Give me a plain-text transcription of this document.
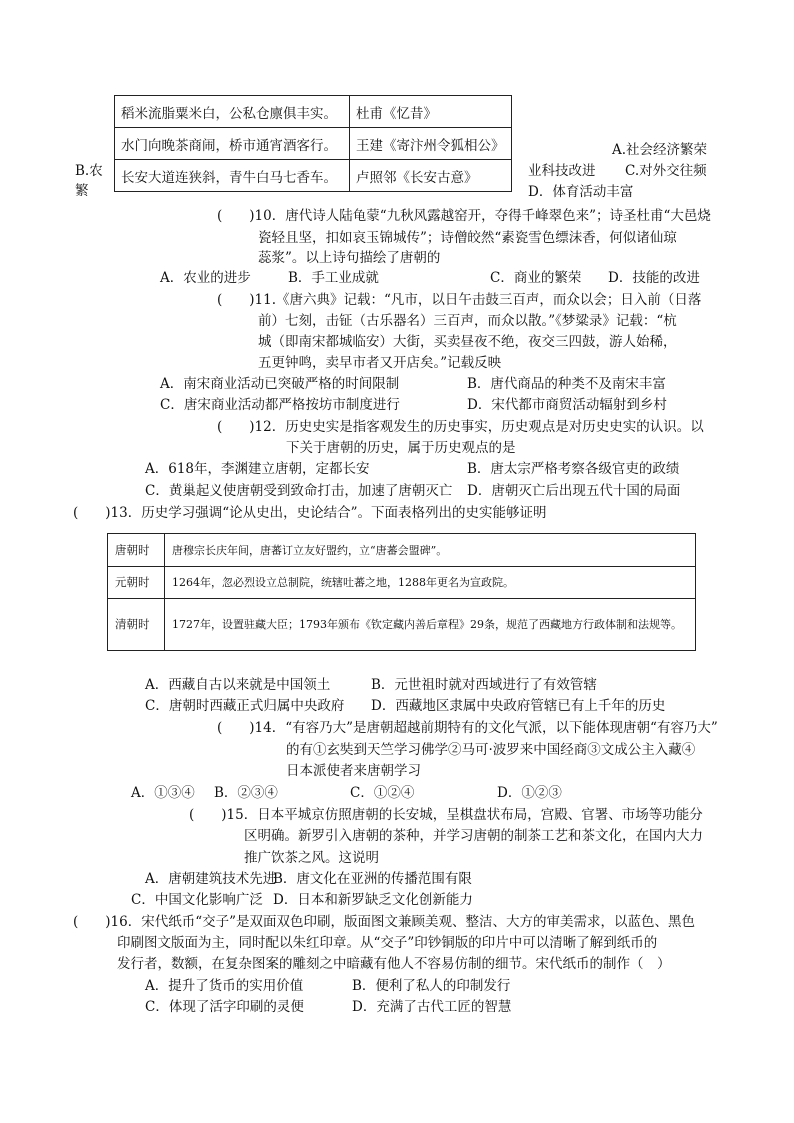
稻米流脂粟米白，公私仓廪俱丰实。	杜甫《忆昔》
水门向晚茶商闹，桥市通宵酒客行。	王建《寄汴州令狐相公》
长安大道连狭斜，青牛白马七香车。	卢照邻《长安古意》
A.社会经济繁荣
B.农
繁
业科技改进 C.对外交往频
D．体育活动丰富
(　　)10．唐代诗人陆龟蒙“九秋风露越窑开，夺得千峰翠色来”；诗圣杜甫“大邑烧
瓷轻且坚，扣如哀玉锦城传”；诗僧皎然“素瓷雪色缥沫香，何似诸仙琼
蕊浆”。以上诗句描绘了唐朝的
A．农业的进步	B．手工业成就	C．商业的繁荣 D．技能的改进
(　　)11.《唐六典》记载：“凡市，以日午击鼓三百声，而众以会；日入前（日落
前）七刻，击钲（古乐器名）三百声，而众以散。”《梦粱录》记载：“杭
城（即南宋都城临安）大街，买卖昼夜不绝，夜交三四鼓，游人始稀，
五更钟鸣，卖早市者又开店矣。”记载反映
A．南宋商业活动已突破严格的时间限制	B．唐代商品的种类不及南宋丰富
C．唐宋商业活动都严格按坊市制度进行	D．宋代都市商贸活动辐射到乡村
(　　)12．历史史实是指客观发生的历史事实，历史观点是对历史史实的认识。以
下关于唐朝的历史，属于历史观点的是
A．618年，李渊建立唐朝，定都长安	B．唐太宗严格考察各级官吏的政绩
C．黄巢起义使唐朝受到致命打击，加速了唐朝灭亡 D．唐朝灭亡后出现五代十国的局面
(　　)13．历史学习强调“论从史出，史论结合”。下面表格列出的史实能够证明
唐朝时	唐穆宗长庆年间，唐蕃订立友好盟约，立“唐蕃会盟碑”。
元朝时	1264年，忽必烈设立总制院，统辖吐蕃之地，1288年更名为宣政院。
清朝时	1727年，设置驻藏大臣；1793年颁布《钦定藏内善后章程》29条，规范了西藏地方行政体制和法规等。
A．西藏自古以来就是中国领土	B．元世祖时就对西域进行了有效管辖
C．唐朝时西藏正式归属中央政府 D．西藏地区隶属中央政府管辖已有上千年的历史
(　　)14．“有容乃大”是唐朝超越前期特有的文化气派，以下能体现唐朝“有容乃大”
的有①玄奘到天竺学习佛学②马可·波罗来中国经商③文成公主入藏④
日本派使者来唐朝学习
A．①③④ B．②③④	C．①②④	D．①②③
(　　)15．日本平城京仿照唐朝的长安城，呈棋盘状布局，宫殿、官署、市场等功能分
区明确。新罗引入唐朝的茶种，并学习唐朝的制茶工艺和茶文化，在国内大力
推广饮茶之风。这说明
A．唐朝建筑技术先进
B．唐文化在亚洲的传播范围有限
C．中国文化影响广泛 D．日本和新罗缺乏文化创新能力
(　　)16．宋代纸币“交子”是双面双色印刷，版面图文兼顾美观、整洁、大方的审美需求，以蓝色、黑色
印刷图文版面为主，同时配以朱红印章。从“交子”印钞铜版的印片中可以清晰了解到纸币的
发行者，数额，在复杂图案的雕刻之中暗藏有他人不容易仿制的细节。宋代纸币的制作（　）
A．提升了货币的实用价值	B．便利了私人的印制发行
C．体现了活字印刷的灵便	D．充满了古代工匠的智慧
